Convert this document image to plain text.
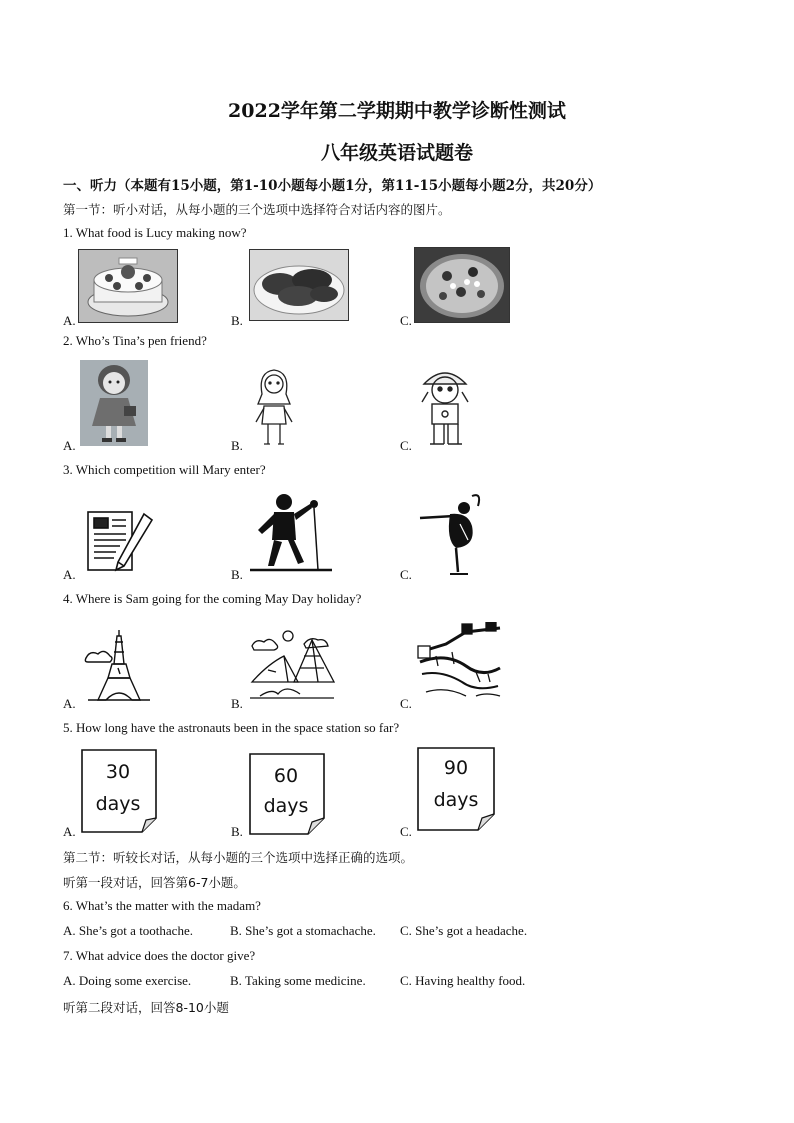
2022学年第二学期期中教学诊断性测试
八年级英语试题卷
一、听力（本题有15小题，第1-10小题每小题1分，第11-15小题每小题2分，共20分）
第一节：听小对话，从每小题的三个选项中选择符合对话内容的图片。
1. What food is Lucy making now?
A.	B.	C.
2. Who’s Tina’s pen friend?
A.	B.	C.
3. Which competition will Mary enter?
A.	B.	C.
4. Where is Sam going for the coming May Day holiday?
A.	B.	C.
5. How long have the astronauts been in the space station so far?
30
days
A.
60
days
B.
90
days
C.
第二节：听较长对话，从每小题的三个选项中选择正确的选项。
听第一段对话，回答第6-7小题。
6. What’s the matter with the madam?
A. She’s got a toothache.	B. She’s got a stomachache. C. She’s got a headache.
7. What advice does the doctor give?
A. Doing some exercise.	B. Taking some medicine.	C. Having healthy food.
听第二段对话，回答8-10小题
